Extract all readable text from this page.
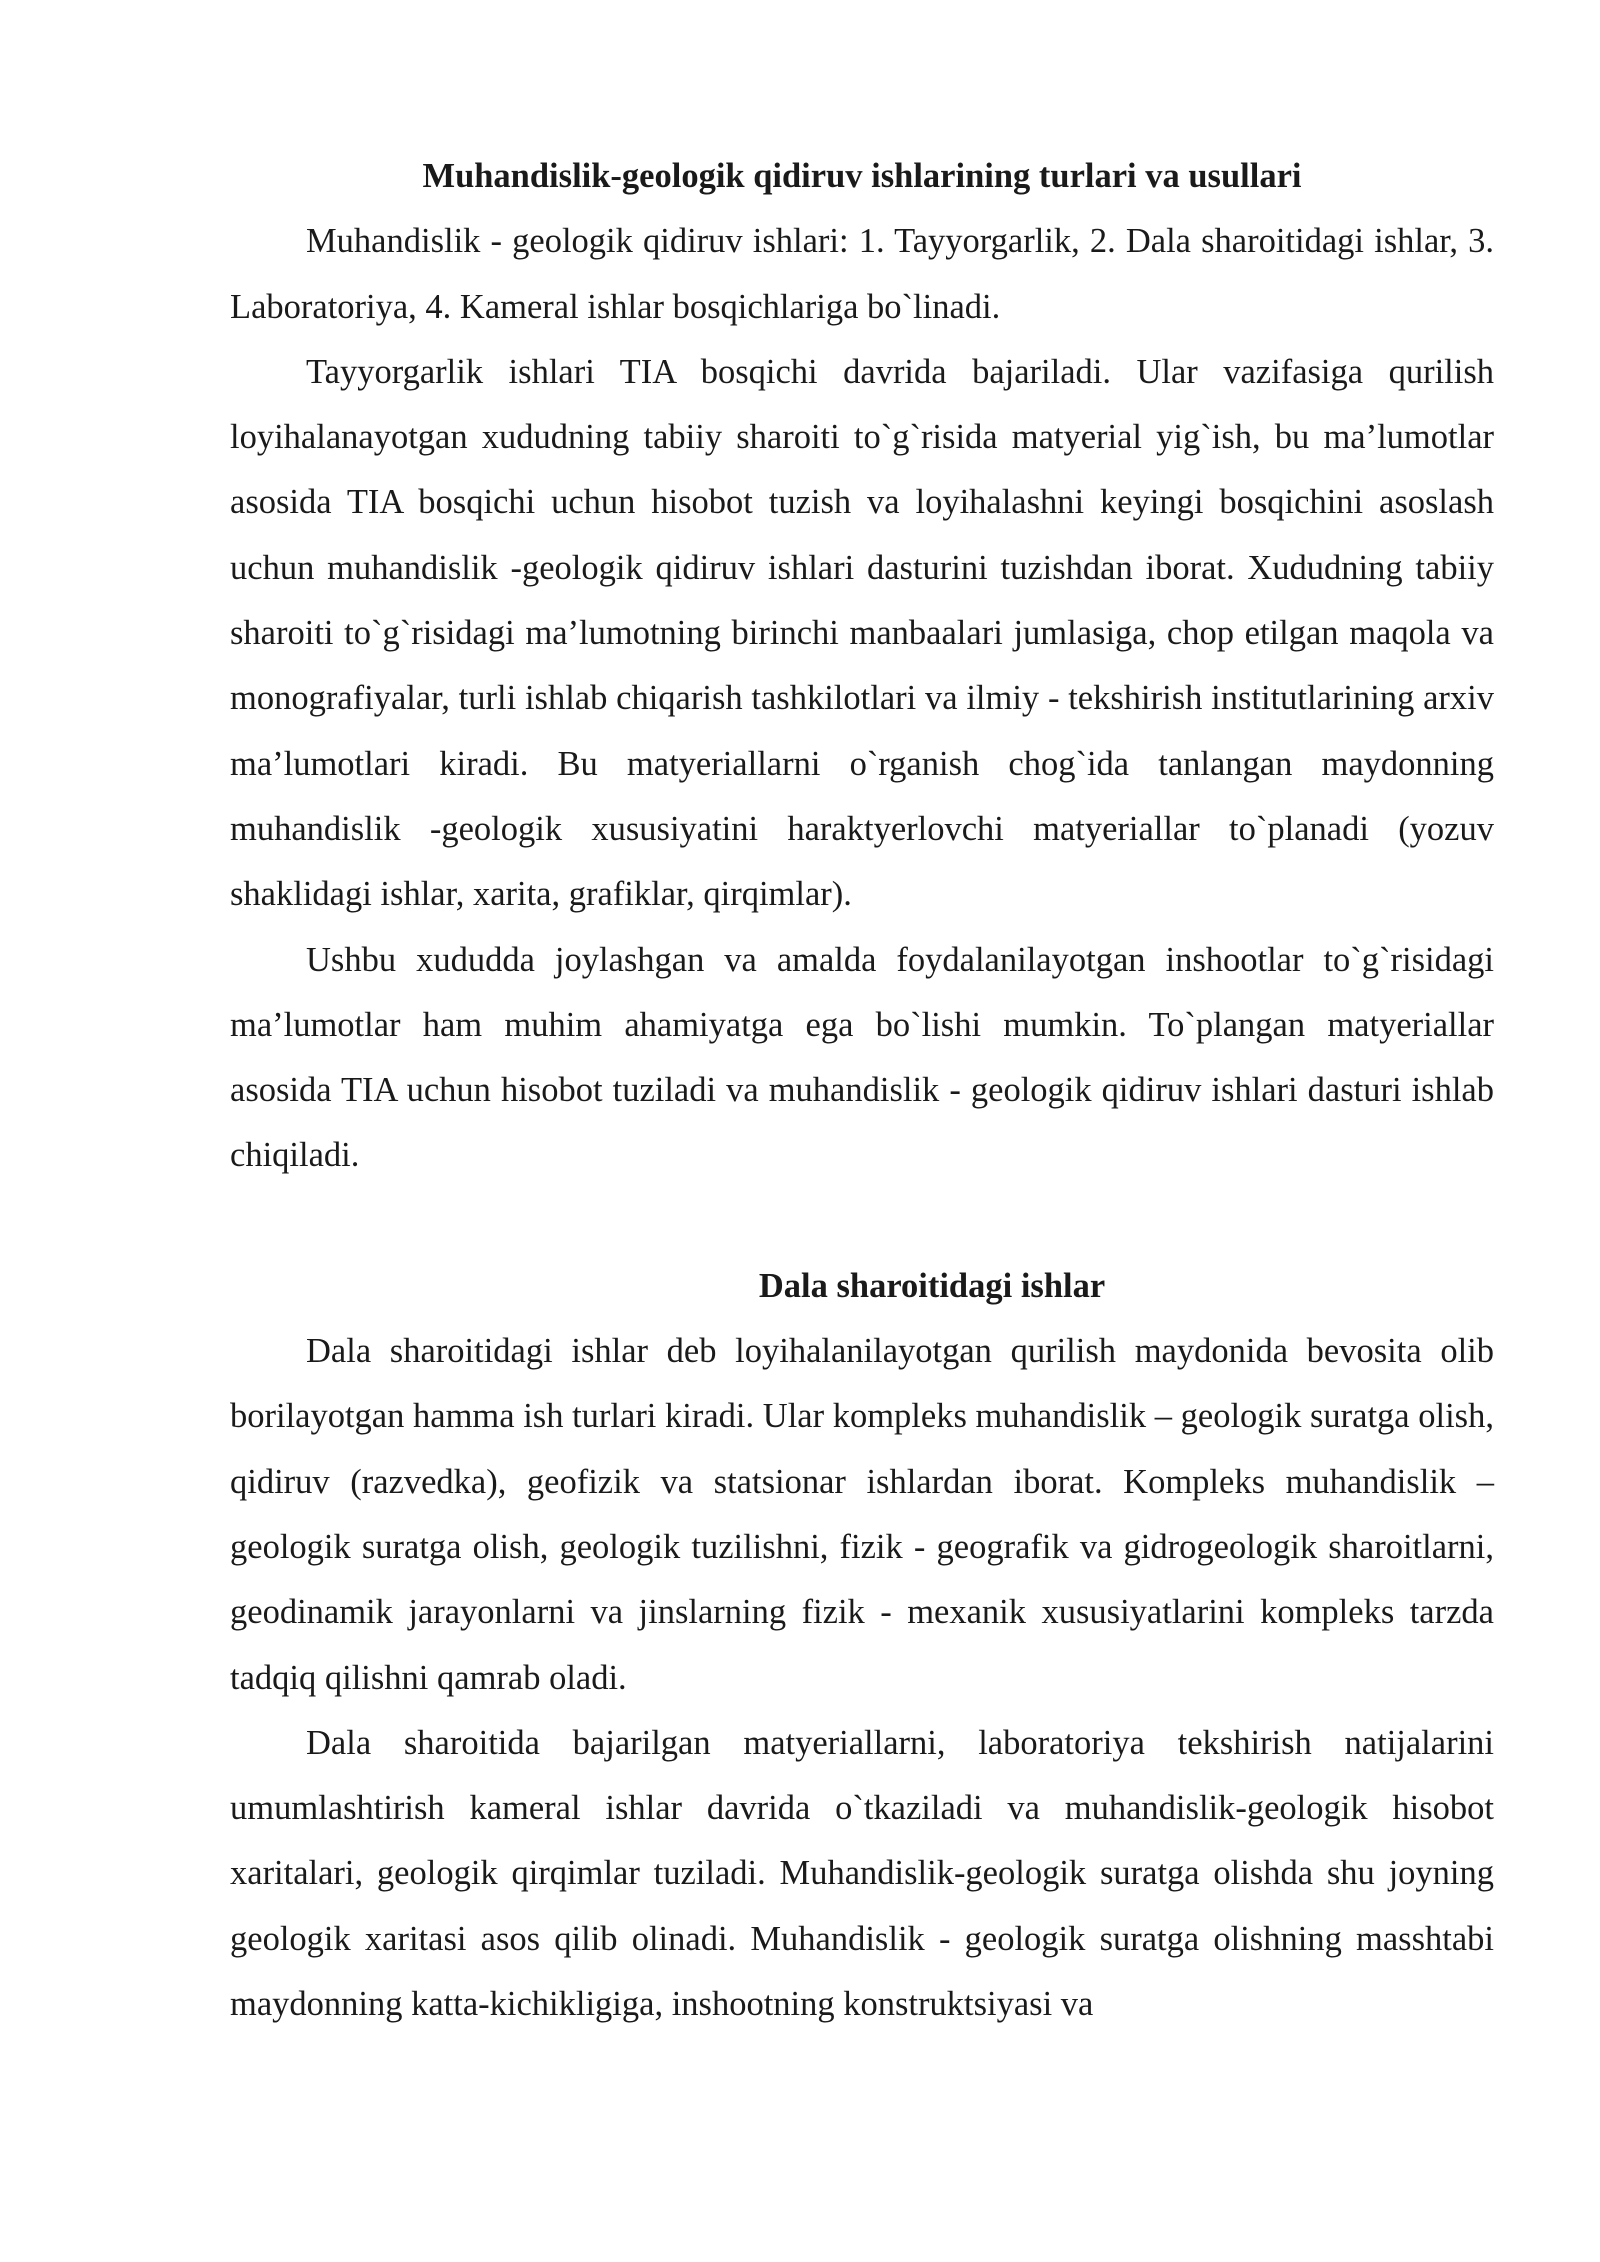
Muhandislik-geologik qidiruv ishlarining turlari va usullari

Muhandislik - geologik qidiruv ishlari: 1. Tayyorgarlik, 2. Dala sharoitidagi ishlar, 3. Laboratoriya, 4. Kameral ishlar bosqichlariga bo`linadi.

Tayyorgarlik ishlari TIA bosqichi davrida bajariladi. Ular vazifasiga qurilish loyihalanayotgan xududning tabiiy sharoiti to`g`risida matyerial yig`ish, bu ma’lumotlar asosida TIA bosqichi uchun hisobot tuzish va loyihalashni keyingi bosqichini asoslash uchun muhandislik -geologik qidiruv ishlari dasturini tuzishdan iborat. Xududning tabiiy sharoiti to`g`risidagi ma’lumotning birinchi manbaalari jumlasiga, chop etilgan maqola va monografiyalar, turli ishlab chiqarish tashkilotlari va ilmiy - tekshirish institutlarining arxiv ma’lumotlari kiradi. Bu matyeriallarni o`rganish chog`ida tanlangan maydonning muhandislik -geologik xususiyatini haraktyerlovchi matyeriallar to`planadi (yozuv shaklidagi ishlar, xarita, grafiklar, qirqimlar).

Ushbu xududda joylashgan va amalda foydalanilayotgan inshootlar to`g`risidagi ma’lumotlar ham muhim ahamiyatga ega bo`lishi mumkin. To`plangan matyeriallar asosida TIA uchun hisobot tuziladi va muhandislik - geologik qidiruv ishlari dasturi ishlab chiqiladi.

Dala sharoitidagi ishlar

Dala sharoitidagi ishlar deb loyihalanilayotgan qurilish maydonida bevosita olib borilayotgan hamma ish turlari kiradi. Ular kompleks muhandislik – geologik suratga olish, qidiruv (razvedka), geofizik va statsionar ishlardan iborat. Kompleks muhandislik – geologik suratga olish, geologik tuzilishni, fizik - geografik va gidrogeologik sharoitlarni, geodinamik jarayonlarni va jinslarning fizik - mexanik xususiyatlarini kompleks tarzda tadqiq qilishni qamrab oladi.

Dala sharoitida bajarilgan matyeriallarni, laboratoriya tekshirish natijalarini umumlashtirish kameral ishlar davrida o`tkaziladi va muhandislik-geologik hisobot xaritalari, geologik qirqimlar tuziladi. Muhandislik-geologik suratga olishda shu joyning geologik xaritasi asos qilib olinadi. Muhandislik - geologik suratga olishning masshtabi maydonning katta-kichikligiga, inshootning konstruktsiyasi va
